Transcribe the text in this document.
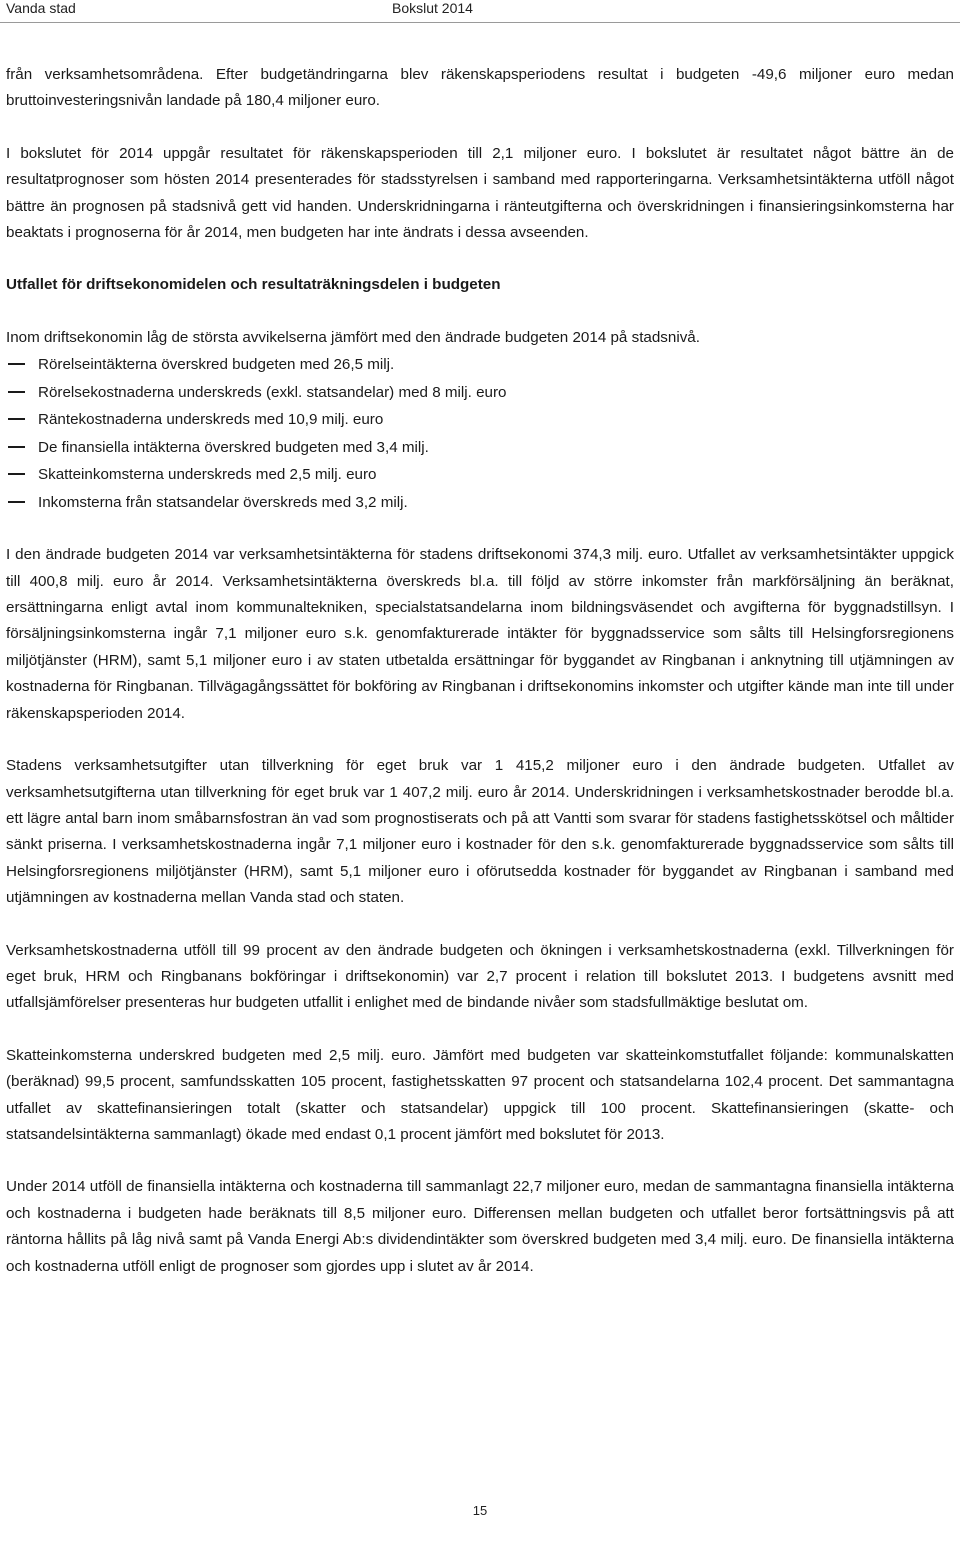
Vanda stad	Bokslut 2014

från verksamhetsområdena. Efter budgetändringarna blev räkenskapsperiodens resultat i budgeten -49,6 miljoner euro medan bruttoinvesteringsnivån landade på 180,4 miljoner euro.

I bokslutet för 2014 uppgår resultatet för räkenskapsperioden till 2,1 miljoner euro. I bokslutet är resultatet något bättre än de resultatprognoser som hösten 2014 presenterades för stadsstyrelsen i samband med rapporteringarna. Verksamhetsintäkterna utföll något bättre än prognosen på stadsnivå gett vid handen. Underskridningarna i ränteutgifterna och överskridningen i finansieringsinkomsterna har beaktats i prognoserna för år 2014, men budgeten har inte ändrats i dessa avseenden.

Utfallet för driftsekonomidelen och resultaträkningsdelen i budgeten

Inom driftsekonomin låg de största avvikelserna jämfört med den ändrade budgeten 2014 på stadsnivå.

Rörelseintäkterna överskred budgeten med 26,5 milj.
Rörelsekostnaderna underskreds (exkl. statsandelar) med 8 milj. euro
Räntekostnaderna underskreds med 10,9 milj. euro
De finansiella intäkterna överskred budgeten med 3,4 milj.
Skatteinkomsterna underskreds med 2,5 milj. euro
Inkomsterna från statsandelar överskreds med 3,2 milj.

I den ändrade budgeten 2014 var verksamhetsintäkterna för stadens driftsekonomi 374,3 milj. euro. Utfallet av verksamhetsintäkter uppgick till 400,8 milj. euro år 2014. Verksamhetsintäkterna överskreds bl.a. till följd av större inkomster från markförsäljning än beräknat, ersättningarna enligt avtal inom kommunaltekniken, specialstatsandelarna inom bildningsväsendet och avgifterna för byggnadstillsyn. I försäljningsinkomsterna ingår 7,1 miljoner euro s.k. genomfakturerade intäkter för byggnadsservice som sålts till Helsingforsregionens miljötjänster (HRM), samt 5,1 miljoner euro i av staten utbetalda ersättningar för byggandet av Ringbanan i anknytning till utjämningen av kostnaderna för Ringbanan. Tillvägagångssättet för bokföring av Ringbanan i driftsekonomins inkomster och utgifter kände man inte till under räkenskapsperioden 2014.

Stadens verksamhetsutgifter utan tillverkning för eget bruk var 1 415,2 miljoner euro i den ändrade budgeten. Utfallet av verksamhetsutgifterna utan tillverkning för eget bruk var 1 407,2 milj. euro år 2014. Underskridningen i verksamhetskostnader berodde bl.a. ett lägre antal barn inom småbarnsfostran än vad som prognostiserats och på att Vantti som svarar för stadens fastighetsskötsel och måltider sänkt priserna. I verksamhetskostnaderna ingår 7,1 miljoner euro i kostnader för den s.k. genomfakturerade byggnadsservice som sålts till Helsingforsregionens miljötjänster (HRM), samt 5,1 miljoner euro i oförutsedda kostnader för byggandet av Ringbanan i samband med utjämningen av kostnaderna mellan Vanda stad och staten.

Verksamhetskostnaderna utföll till 99 procent av den ändrade budgeten och ökningen i verksamhetskostnaderna (exkl. Tillverkningen för eget bruk, HRM och Ringbanans bokföringar i driftsekonomin) var 2,7 procent i relation till bokslutet 2013. I budgetens avsnitt med utfallsjämförelser presenteras hur budgeten utfallit i enlighet med de bindande nivåer som stadsfullmäktige beslutat om.

Skatteinkomsterna underskred budgeten med 2,5 milj. euro. Jämfört med budgeten var skatteinkomstutfallet följande: kommunalskatten (beräknad) 99,5 procent, samfundsskatten 105 procent, fastighetsskatten 97 procent och statsandelarna 102,4 procent. Det sammantagna utfallet av skattefinansieringen totalt (skatter och statsandelar) uppgick till 100 procent. Skattefinansieringen (skatte- och statsandelsintäkterna sammanlagt) ökade med endast 0,1 procent jämfört med bokslutet för 2013.

Under 2014 utföll de finansiella intäkterna och kostnaderna till sammanlagt 22,7 miljoner euro, medan de sammantagna finansiella intäkterna och kostnaderna i budgeten hade beräknats till 8,5 miljoner euro. Differensen mellan budgeten och utfallet beror fortsättningsvis på att räntorna hållits på låg nivå samt på Vanda Energi Ab:s dividendintäkter som överskred budgeten med 3,4 milj. euro. De finansiella intäkterna och kostnaderna utföll enligt de prognoser som gjordes upp i slutet av år 2014.

15
